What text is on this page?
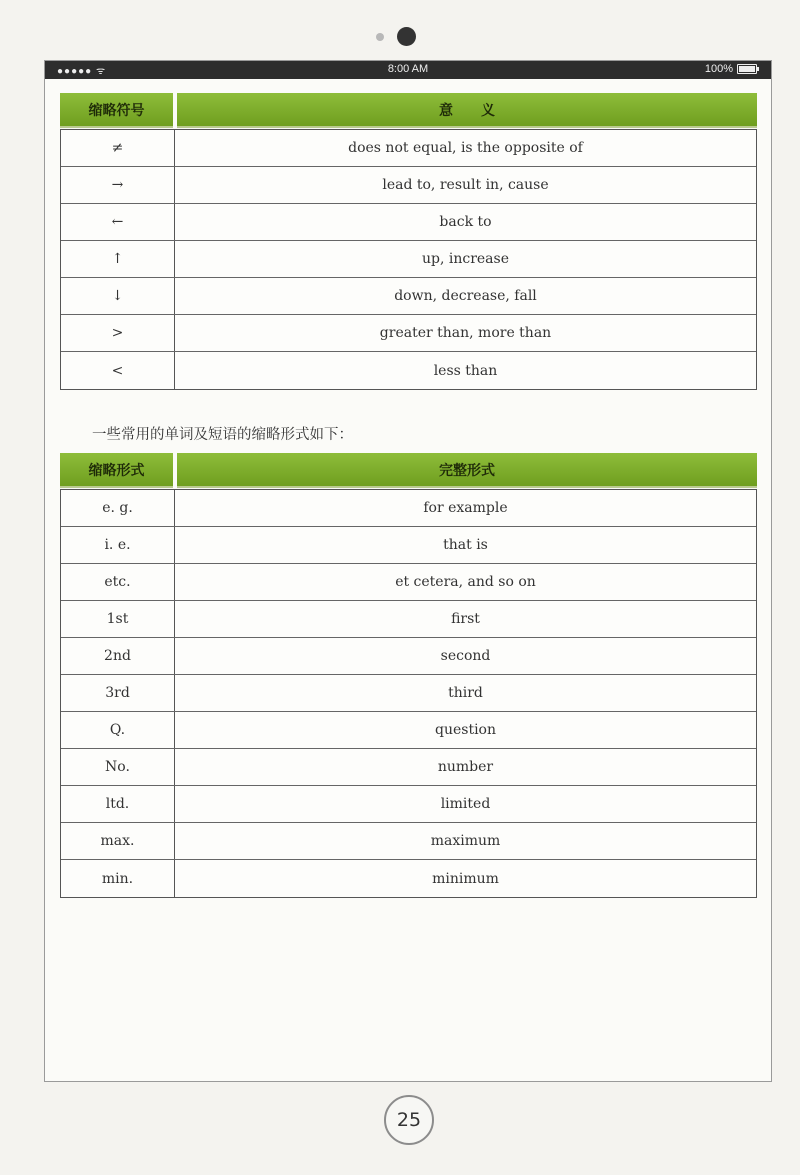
●●●●● ᯤ	8:00 AM	100%
缩略符号	意　　义
≠	does not equal, is the opposite of
→	lead to, result in, cause
←	back to
↑	up, increase
↓	down, decrease, fall
>	greater than, more than
<	less than
一些常用的单词及短语的缩略形式如下：
缩略形式	完整形式
e. g.	for example
i. e.	that is
etc.	et cetera, and so on
1st	first
2nd	second
3rd	third
Q.	question
No.	number
ltd.	limited
max.	maximum
min.	minimum
25
